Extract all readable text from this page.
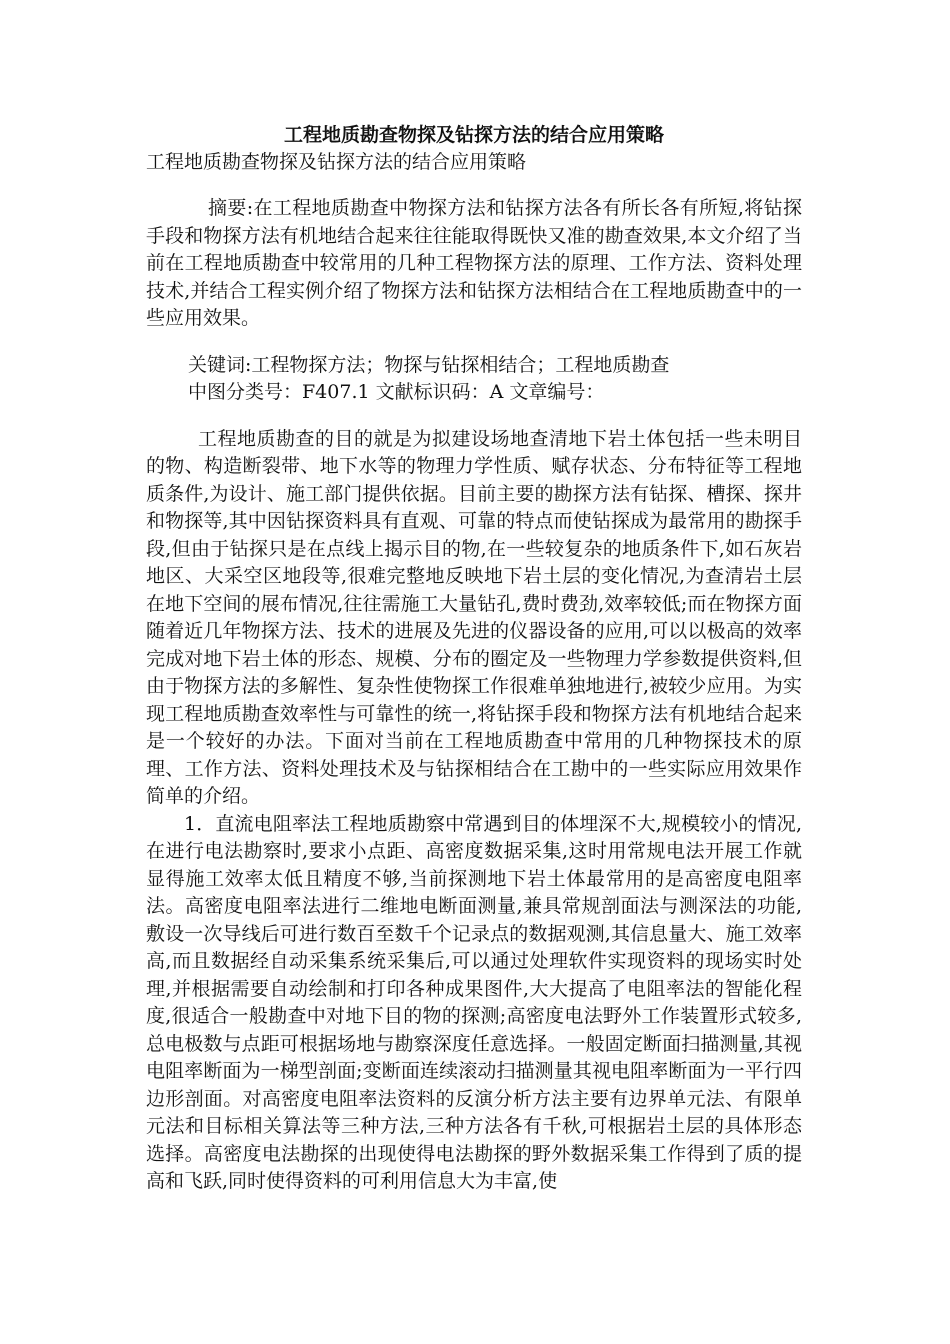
工程地质勘查物探及钻探方法的结合应用策略

工程地质勘查物探及钻探方法的结合应用策略

摘要:在工程地质勘查中物探方法和钻探方法各有所长各有所短,将钻探手段和物探方法有机地结合起来往往能取得既快又准的勘查效果,本文介绍了当前在工程地质勘查中较常用的几种工程物探方法的原理、工作方法、资料处理技术,并结合工程实例介绍了物探方法和钻探方法相结合在工程地质勘查中的一些应用效果。

关键词:工程物探方法；物探与钻探相结合；工程地质勘查

中图分类号：F407.1 文献标识码：A 文章编号：

工程地质勘查的目的就是为拟建设场地查清地下岩土体包括一些未明目的物、构造断裂带、地下水等的物理力学性质、赋存状态、分布特征等工程地质条件,为设计、施工部门提供依据。目前主要的勘探方法有钻探、槽探、探井和物探等,其中因钻探资料具有直观、可靠的特点而使钻探成为最常用的勘探手段,但由于钻探只是在点线上揭示目的物,在一些较复杂的地质条件下,如石灰岩地区、大采空区地段等,很难完整地反映地下岩土层的变化情况,为查清岩土层在地下空间的展布情况,往往需施工大量钻孔,费时费劲,效率较低;而在物探方面随着近几年物探方法、技术的进展及先进的仪器设备的应用,可以以极高的效率完成对地下岩土体的形态、规模、分布的圈定及一些物理力学参数提供资料,但由于物探方法的多解性、复杂性使物探工作很难单独地进行,被较少应用。为实现工程地质勘查效率性与可靠性的统一,将钻探手段和物探方法有机地结合起来是一个较好的办法。下面对当前在工程地质勘查中常用的几种物探技术的原理、工作方法、资料处理技术及与钻探相结合在工勘中的一些实际应用效果作简单的介绍。

1．直流电阻率法工程地质勘察中常遇到目的体埋深不大,规模较小的情况,在进行电法勘察时,要求小点距、高密度数据采集,这时用常规电法开展工作就显得施工效率太低且精度不够,当前探测地下岩土体最常用的是高密度电阻率法。高密度电阻率法进行二维地电断面测量,兼具常规剖面法与测深法的功能,敷设一次导线后可进行数百至数千个记录点的数据观测,其信息量大、施工效率高,而且数据经自动采集系统采集后,可以通过处理软件实现资料的现场实时处理,并根据需要自动绘制和打印各种成果图件,大大提高了电阻率法的智能化程度,很适合一般勘查中对地下目的物的探测;高密度电法野外工作装置形式较多,总电极数与点距可根据场地与勘察深度任意选择。一般固定断面扫描测量,其视电阻率断面为一梯型剖面;变断面连续滚动扫描测量其视电阻率断面为一平行四边形剖面。对高密度电阻率法资料的反演分析方法主要有边界单元法、有限单元法和目标相关算法等三种方法,三种方法各有千秋,可根据岩土层的具体形态选择。高密度电法勘探的出现使得电法勘探的野外数据采集工作得到了质的提高和飞跃,同时使得资料的可利用信息大为丰富,使
